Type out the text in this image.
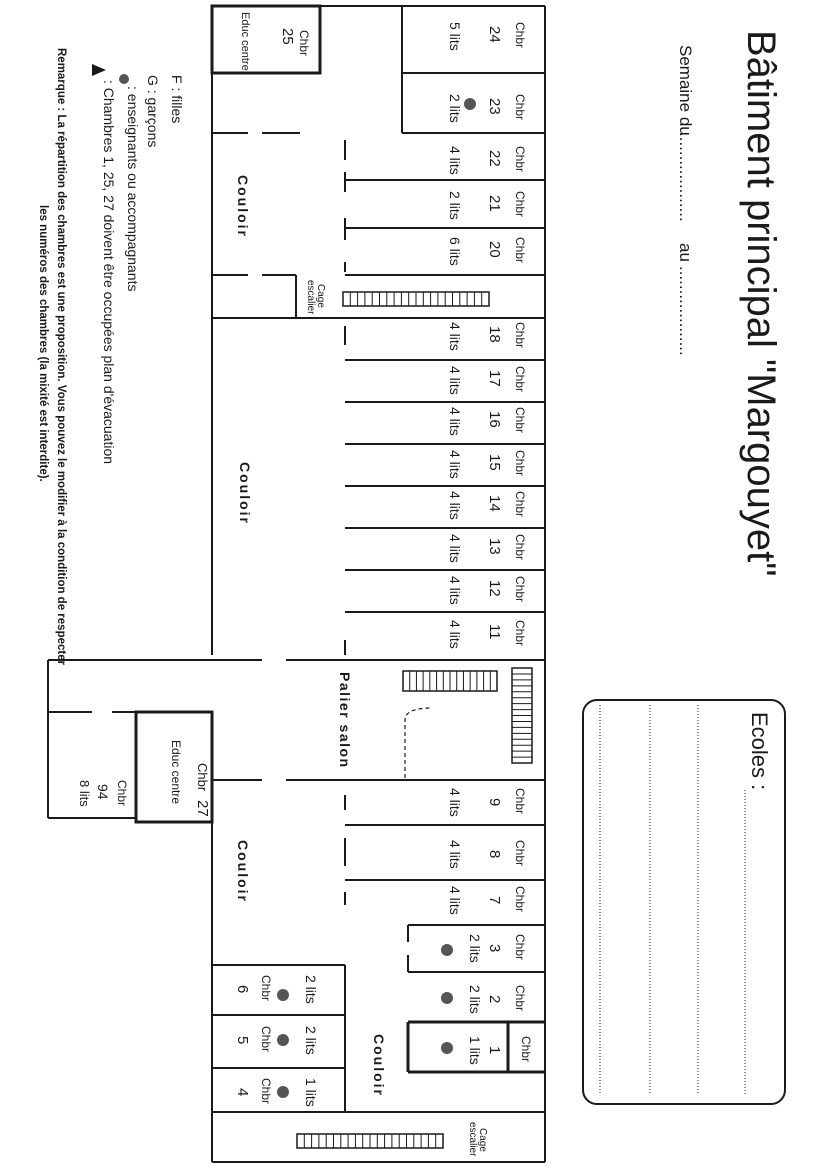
Bâtiment principal "Margouyet"
Semaine du
...................
au
...................
Ecoles :
Couloir
Couloir
Couloir
Couloir
Palier salon
Chbr
24
5 lits
Chbr
23
2 lits
Chbr
22
4 lits
Chbr
21
2 lits
Chbr
20
6 lits
Chbr
18
4 lits
Chbr
17
4 lits
Chbr
16
4 lits
Chbr
15
4 lits
Chbr
14
4 lits
Chbr
13
4 lits
Chbr
12
4 lits
Chbr
11
4 lits
Chbr
9
4 lits
Chbr
8
4 lits
Chbr
7
4 lits
Chbr
3
2 lits
Chbr
2
2 lits
Chbr
1
1 lits
Chbr
6	2 lits
Chbr
5	2 lits
Chbr
4	1 lits
Chbr
25
Educ centre
Chbr
27
Educ centre
Chbr
94
8 lits
Cage
escalier
Cage
escalier
F : filles
G : garçons
: enseignants ou accompagnants
: Chambres 1, 25, 27 doivent être occupées plan d'évacuation
Remarque : La répartition des chambres est une proposition. Vous pouvez le modifier à la condition de respecter
les numéros des chambres (la mixité est interdite).
